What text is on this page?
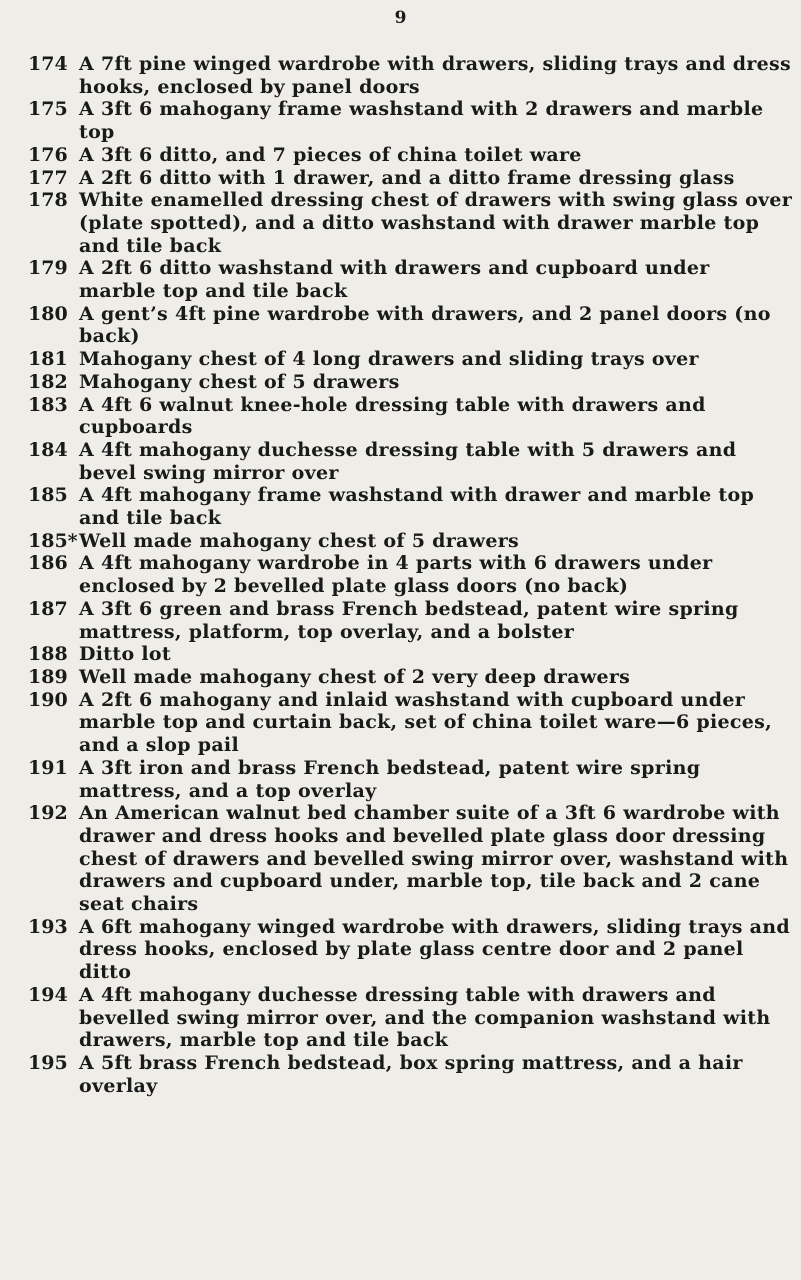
9
174 A 7ft pine winged wardrobe with drawers, sliding trays and dress hooks, enclosed by panel doors
175 A 3ft 6 mahogany frame washstand with 2 drawers and marble top
176 A 3ft 6 ditto, and 7 pieces of china toilet ware
177 A 2ft 6 ditto with 1 drawer, and a ditto frame dressing glass
178 White enamelled dressing chest of drawers with swing glass over (plate spotted), and a ditto washstand with drawer marble top and tile back
179 A 2ft 6 ditto washstand with drawers and cupboard under marble top and tile back
180 A gent’s 4ft pine wardrobe with drawers, and 2 panel doors (no back)
181 Mahogany chest of 4 long drawers and sliding trays over
182 Mahogany chest of 5 drawers
183 A 4ft 6 walnut knee-hole dressing table with drawers and cupboards
184 A 4ft mahogany duchesse dressing table with 5 drawers and bevel swing mirror over
185 A 4ft mahogany frame washstand with drawer and marble top and tile back
185* Well made mahogany chest of 5 drawers
186 A 4ft mahogany wardrobe in 4 parts with 6 drawers under enclosed by 2 bevelled plate glass doors (no back)
187 A 3ft 6 green and brass French bedstead, patent wire spring mattress, platform, top overlay, and a bolster
188 Ditto lot
189 Well made mahogany chest of 2 very deep drawers
190 A 2ft 6 mahogany and inlaid washstand with cupboard under marble top and curtain back, set of china toilet ware—6 pieces, and a slop pail
191 A 3ft iron and brass French bedstead, patent wire spring mattress, and a top overlay
192 An American walnut bed chamber suite of a 3ft 6 wardrobe with drawer and dress hooks and bevelled plate glass door dressing chest of drawers and bevelled swing mirror over, washstand with drawers and cupboard under, marble top, tile back and 2 cane seat chairs
193 A 6ft mahogany winged wardrobe with drawers, sliding trays and dress hooks, enclosed by plate glass centre door and 2 panel ditto
194 A 4ft mahogany duchesse dressing table with drawers and bevelled swing mirror over, and the companion washstand with drawers, marble top and tile back
195 A 5ft brass French bedstead, box spring mattress, and a hair overlay
